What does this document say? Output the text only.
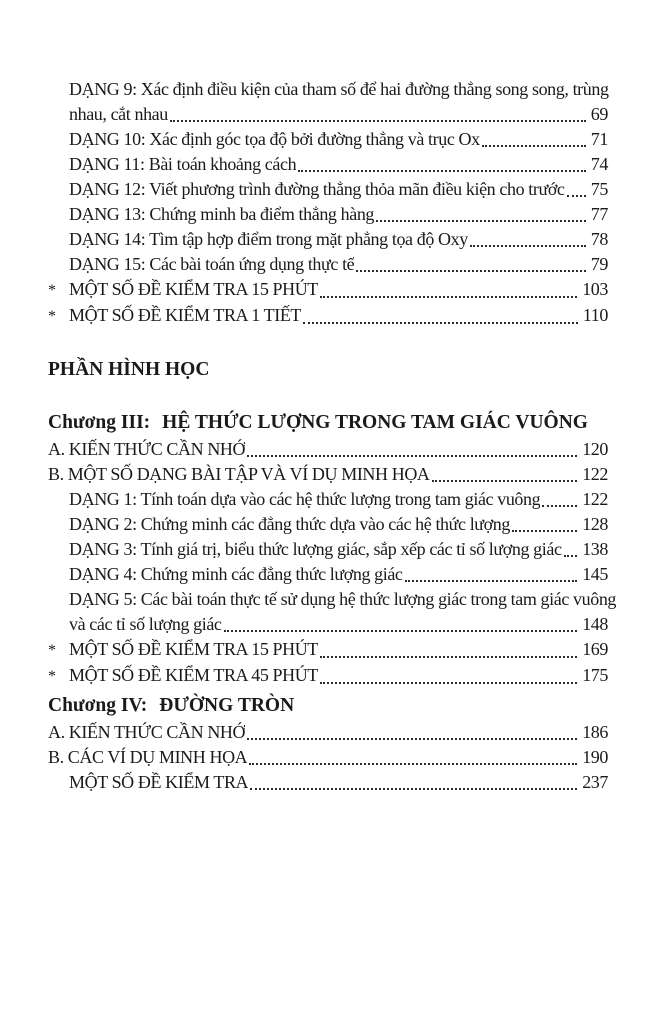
DẠNG 9: Xác định điều kiện của tham số để hai đường thẳng song song, trùng
nhau, cắt nhau	69
DẠNG 10: Xác định góc tọa độ bởi đường thẳng và trục Ox	71
DẠNG 11: Bài toán khoảng cách	74
DẠNG 12: Viết phương trình đường thẳng thỏa mãn điều kiện cho trước 75
DẠNG 13: Chứng minh ba điểm thẳng hàng	77
DẠNG 14: Tìm tập hợp điểm trong mặt phẳng tọa độ Oxy	78
DẠNG 15: Các bài toán ứng dụng thực tế	79
* MỘT SỐ ĐỀ KIỂM TRA 15 PHÚT	103
* MỘT SỐ ĐỀ KIỂM TRA 1 TIẾT	110
PHẦN HÌNH HỌC
Chương III: HỆ THỨC LƯỢNG TRONG TAM GIÁC VUÔNG
A. KIẾN THỨC CẦN NHỚ	120
B. MỘT SỐ DẠNG BÀI TẬP VÀ VÍ DỤ MINH HỌA	122
DẠNG 1: Tính toán dựa vào các hệ thức lượng trong tam giác vuông 122
DẠNG 2: Chứng minh các đẳng thức dựa vào các hệ thức lượng	128
DẠNG 3: Tính giá trị, biểu thức lượng giác, sắp xếp các tỉ số lượng giác 138
DẠNG 4: Chứng minh các đẳng thức lượng giác	145
DẠNG 5: Các bài toán thực tế sử dụng hệ thức lượng giác trong tam giác vuông
và các tỉ số lượng giác	148
* MỘT SỐ ĐỀ KIỂM TRA 15 PHÚT	169
* MỘT SỐ ĐỀ KIỂM TRA 45 PHÚT	175
Chương IV: ĐƯỜNG TRÒN
A. KIẾN THỨC CẦN NHỚ	186
B. CÁC VÍ DỤ MINH HỌA	190
MỘT SỐ ĐỀ KIỂM TRA	237
